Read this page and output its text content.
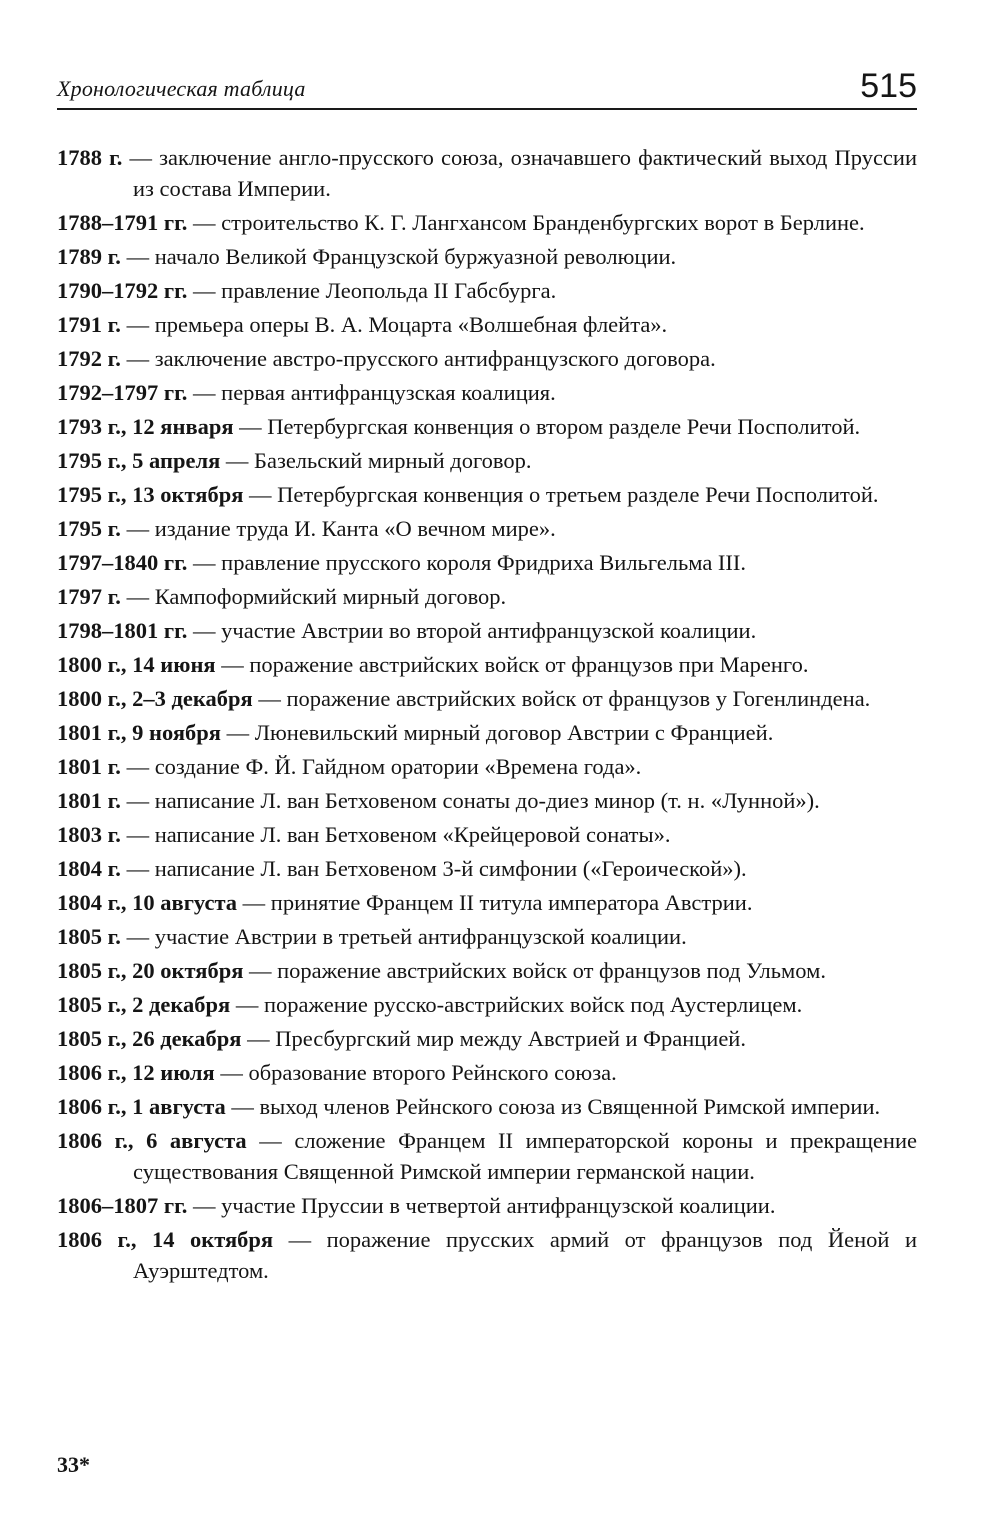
Хронологическая таблица	515

1788 г. — заключение англо-прусского союза, означавшего фактический выход Пруссии из состава Империи.

1788–1791 гг. — строительство К. Г. Лангхансом Бранденбургских ворот в Берлине.

1789 г. — начало Великой Французской буржуазной революции.

1790–1792 гг. — правление Леопольда II Габсбурга.

1791 г. — премьера оперы В. А. Моцарта «Волшебная флейта».

1792 г. — заключение австро-прусского антифранцузского договора.

1792–1797 гг. — первая антифранцузская коалиция.

1793 г., 12 января — Петербургская конвенция о втором разделе Речи Посполитой.

1795 г., 5 апреля — Базельский мирный договор.

1795 г., 13 октября — Петербургская конвенция о третьем разделе Речи Посполитой.

1795 г. — издание труда И. Канта «О вечном мире».

1797–1840 гг. — правление прусского короля Фридриха Вильгельма III.

1797 г. — Кампоформийский мирный договор.

1798–1801 гг. — участие Австрии во второй антифранцузской коалиции.

1800 г., 14 июня — поражение австрийских войск от французов при Маренго.

1800 г., 2–3 декабря — поражение австрийских войск от французов у Гогенлиндена.

1801 г., 9 ноября — Люневильский мирный договор Австрии с Францией.

1801 г. — создание Ф. Й. Гайдном оратории «Времена года».

1801 г. — написание Л. ван Бетховеном сонаты до-диез минор (т. н. «Лунной»).

1803 г. — написание Л. ван Бетховеном «Крейцеровой сонаты».

1804 г. — написание Л. ван Бетховеном 3-й симфонии («Героической»).

1804 г., 10 августа — принятие Францем II титула императора Австрии.

1805 г. — участие Австрии в третьей антифранцузской коалиции.

1805 г., 20 октября — поражение австрийских войск от французов под Ульмом.

1805 г., 2 декабря — поражение русско-австрийских войск под Аустерлицем.

1805 г., 26 декабря — Пресбургский мир между Австрией и Францией.

1806 г., 12 июля — образование второго Рейнского союза.

1806 г., 1 августа — выход членов Рейнского союза из Священной Римской империи.

1806 г., 6 августа — сложение Францем II императорской короны и прекращение существования Священной Римской империи германской нации.

1806–1807 гг. — участие Пруссии в четвертой антифранцузской коалиции.

1806 г., 14 октября — поражение прусских армий от французов под Йеной и Ауэрштедтом.

33*
